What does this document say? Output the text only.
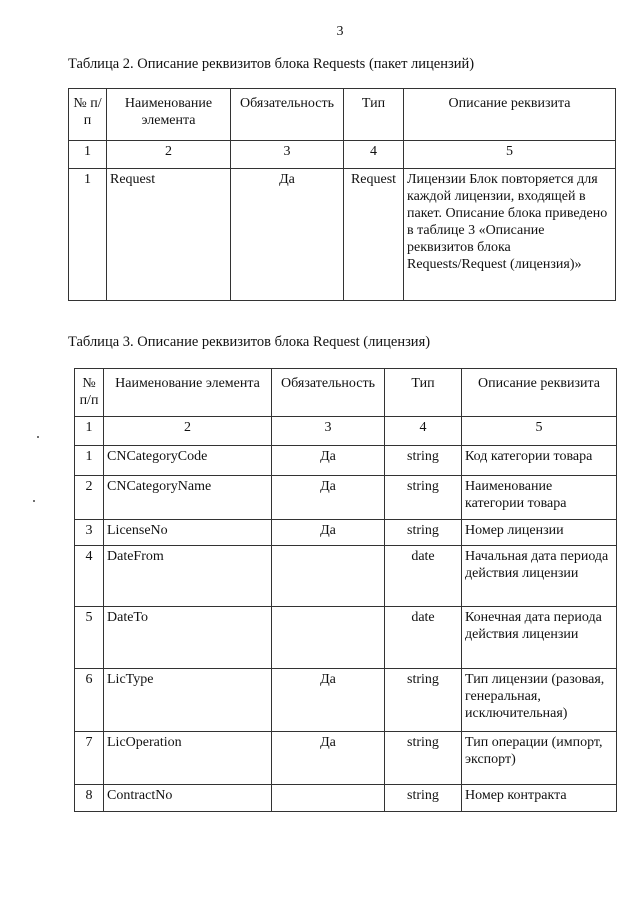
3
Таблица 2. Описание реквизитов блока Requests (пакет лицензий)
№ п/п	Наименование элемента	Обязательность	Тип	Описание реквизита
1	2	3	4	5
1	Request	Да	Request	Лицензии Блок повторяется для каждой лицензии, входящей в пакет. Описание блока приведено в таблице 3 «Описание реквизитов блока Requests/Request (лицензия)»
Таблица 3. Описание реквизитов блока Request (лицензия)
№ п/п	Наименование элемента	Обязательность	Тип	Описание реквизита
1	2	3	4	5
1	CNCategoryCode	Да	string	Код категории товара
2	CNCategoryName	Да	string	Наименование категории товара
3	LicenseNo	Да	string	Номер лицензии
4	DateFrom		date	Начальная дата периода действия лицензии
5	DateTo		date	Конечная дата периода действия лицензии
6	LicType	Да	string	Тип лицензии (разовая, генеральная, исключительная)
7	LicOperation	Да	string	Тип операции (импорт, экспорт)
8	ContractNo		string	Номер контракта
